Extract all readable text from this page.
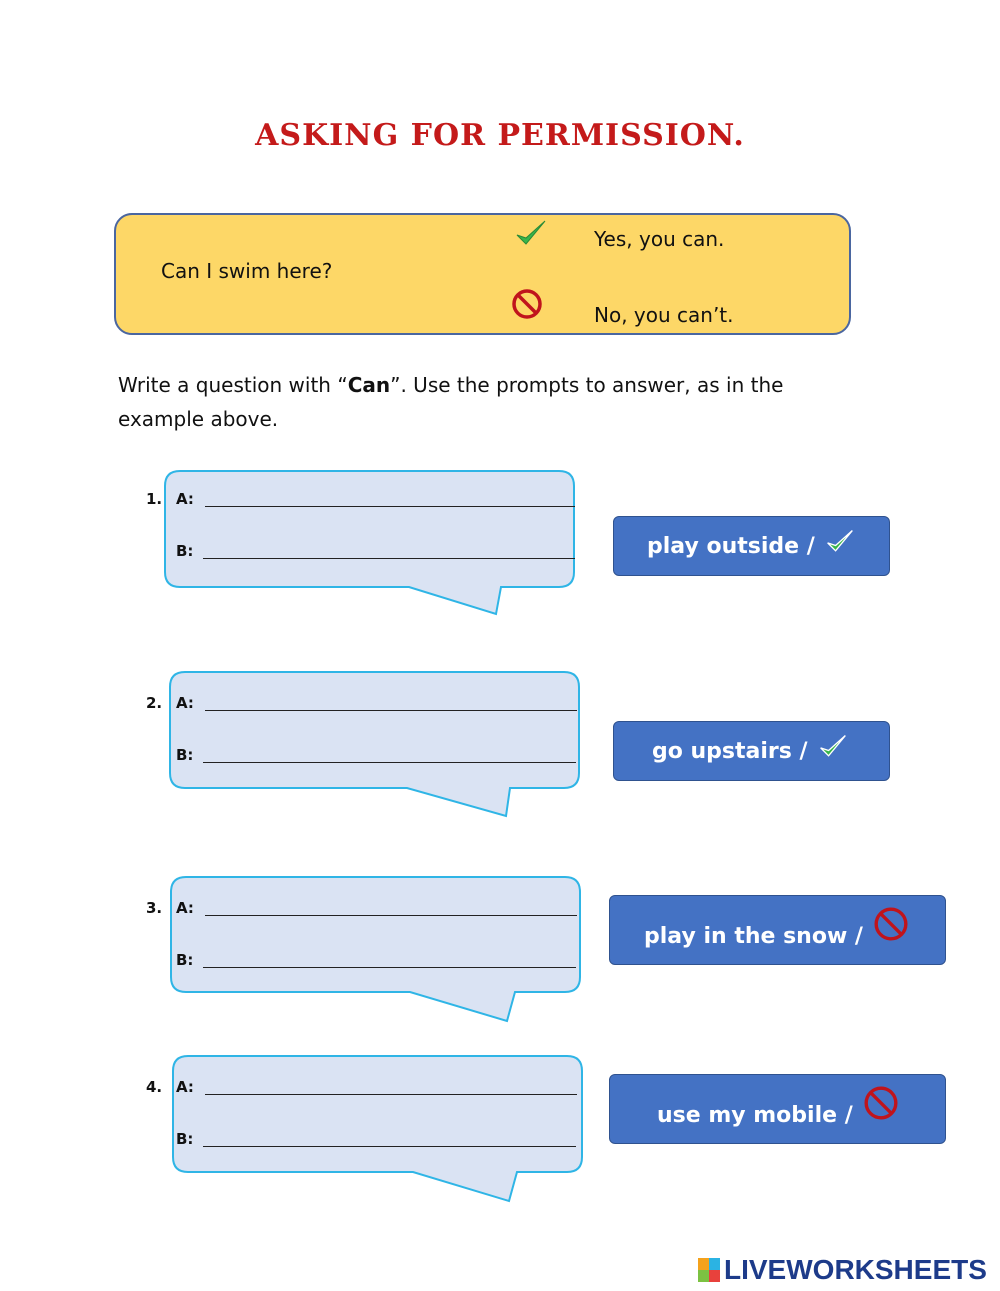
ASKING FOR PERMISSION.
Can I swim here?
Yes, you can.
No, you can’t.
Write a question with “Can”. Use the prompts to answer, as in the example above.
1. A:
B:	play outside /
2. A:
B:	go upstairs /
3. A:
B:
play in the snow /
4. A:
B:
use my mobile /
LIVEWORKSHEETS
